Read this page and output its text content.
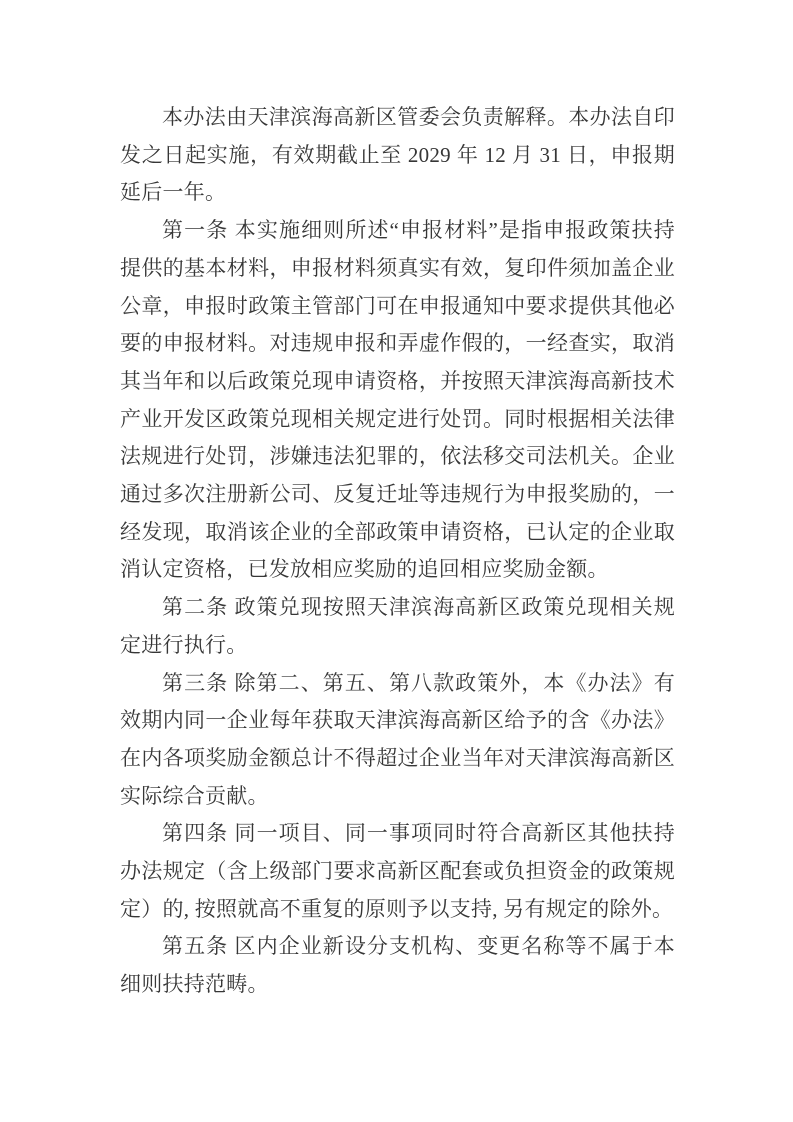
本办法由天津滨海高新区管委会负责解释。本办法自印发之日起实施，有效期截止至 2029 年 12 月 31 日，申报期延后一年。

第一条 本实施细则所述“申报材料”是指申报政策扶持提供的基本材料，申报材料须真实有效，复印件须加盖企业公章，申报时政策主管部门可在申报通知中要求提供其他必要的申报材料。对违规申报和弄虚作假的，一经查实，取消其当年和以后政策兑现申请资格，并按照天津滨海高新技术产业开发区政策兑现相关规定进行处罚。同时根据相关法律法规进行处罚，涉嫌违法犯罪的，依法移交司法机关。企业通过多次注册新公司、反复迁址等违规行为申报奖励的，一经发现，取消该企业的全部政策申请资格，已认定的企业取消认定资格，已发放相应奖励的追回相应奖励金额。

第二条 政策兑现按照天津滨海高新区政策兑现相关规定进行执行。

第三条 除第二、第五、第八款政策外，本《办法》有效期内同一企业每年获取天津滨海高新区给予的含《办法》在内各项奖励金额总计不得超过企业当年对天津滨海高新区实际综合贡献。

第四条 同一项目、同一事项同时符合高新区其他扶持办法规定（含上级部门要求高新区配套或负担资金的政策规定）的, 按照就高不重复的原则予以支持, 另有规定的除外。

第五条 区内企业新设分支机构、变更名称等不属于本细则扶持范畴。
